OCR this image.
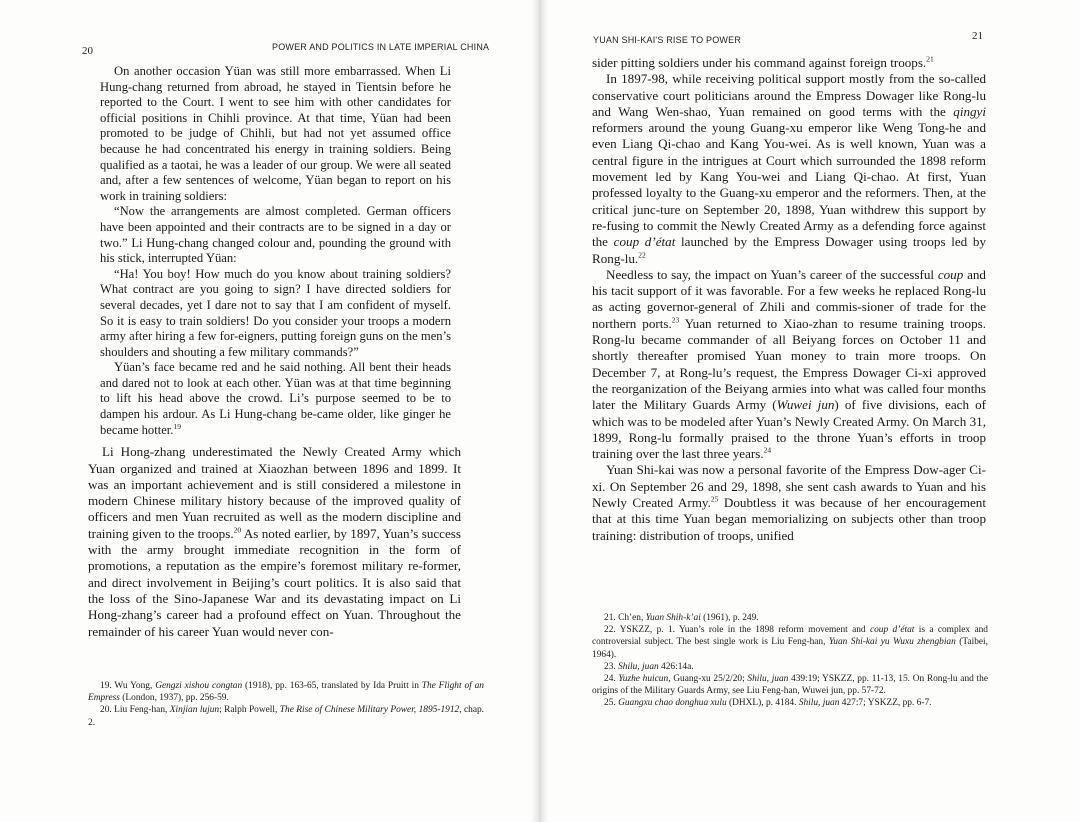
20	POWER AND POLITICS IN LATE IMPERIAL CHINA

On another occasion Yüan was still more embarrassed. When Li Hung-chang returned from abroad, he stayed in Tientsin before he reported to the Court. I went to see him with other candidates for official positions in Chihli province. At that time, Yüan had been promoted to be judge of Chihli, but had not yet assumed office because he had concentrated his energy in training soldiers. Being qualified as a taotai, he was a leader of our group. We were all seated and, after a few sentences of welcome, Yüan began to report on his work in training soldiers:

“Now the arrangements are almost completed. German officers have been appointed and their contracts are to be signed in a day or two.” Li Hung-chang changed colour and, pounding the ground with his stick, interrupted Yüan:

“Ha! You boy! How much do you know about training soldiers? What contract are you going to sign? I have directed soldiers for several decades, yet I dare not to say that I am confident of myself. So it is easy to train soldiers! Do you consider your troops a modern army after hiring a few for-eigners, putting foreign guns on the men’s shoulders and shouting a few military commands?”

Yüan’s face became red and he said nothing. All bent their heads and dared not to look at each other. Yüan was at that time beginning to lift his head above the crowd. Li’s purpose seemed to be to dampen his ardour. As Li Hung-chang be-came older, like ginger he became hotter.$^{19}$

Li Hong-zhang underestimated the Newly Created Army which Yuan organized and trained at Xiaozhan between 1896 and 1899. It was an important achievement and is still considered a milestone in modern Chinese military history because of the improved quality of officers and men Yuan recruited as well as the modern discipline and training given to the troops.$^{20}$ As noted earlier, by 1897, Yuan’s success with the army brought immediate recognition in the form of promotions, a reputation as the empire’s foremost military re-former, and direct involvement in Beijing’s court politics. It is also said that the loss of the Sino-Japanese War and its devastating impact on Li Hong-zhang’s career had a profound effect on Yuan. Throughout the remainder of his career Yuan would never con-

19. Wu Yong, Gengzi xishou congtan (1918), pp. 163-65, translated by Ida Pruitt in The Flight of an Empress (London, 1937), pp. 256-59.

20. Liu Feng-han, Xinjian lujun; Ralph Powell, The Rise of Chinese Military Power, 1895-1912, chap. 2.

YUAN SHI-KAI'S RISE TO POWER	21

sider pitting soldiers under his command against foreign troops.$^{21}$

In 1897-98, while receiving political support mostly from the so-called conservative court politicians around the Empress Dowager like Rong-lu and Wang Wen-shao, Yuan remained on good terms with the qingyi reformers around the young Guang-xu emperor like Weng Tong-he and even Liang Qi-chao and Kang You-wei. As is well known, Yuan was a central figure in the intrigues at Court which surrounded the 1898 reform movement led by Kang You-wei and Liang Qi-chao. At first, Yuan professed loyalty to the Guang-xu emperor and the reformers. Then, at the critical junc-ture on September 20, 1898, Yuan withdrew this support by re-fusing to commit the Newly Created Army as a defending force against the coup d’état launched by the Empress Dowager using troops led by Rong-lu.$^{22}$

Needless to say, the impact on Yuan’s career of the successful coup and his tacit support of it was favorable. For a few weeks he replaced Rong-lu as acting governor-general of Zhili and commis-sioner of trade for the northern ports.$^{23}$ Yuan returned to Xiao-zhan to resume training troops. Rong-lu became commander of all Beiyang forces on October 11 and shortly thereafter promised Yuan money to train more troops. On December 7, at Rong-lu’s request, the Empress Dowager Ci-xi approved the reorganization of the Beiyang armies into what was called four months later the Military Guards Army (Wuwei jun) of five divisions, each of which was to be modeled after Yuan’s Newly Created Army. On March 31, 1899, Rong-lu formally praised to the throne Yuan’s efforts in troop training over the last three years.$^{24}$

Yuan Shi-kai was now a personal favorite of the Empress Dow-ager Ci-xi. On September 26 and 29, 1898, she sent cash awards to Yuan and his Newly Created Army.$^{25}$ Doubtless it was because of her encouragement that at this time Yuan began memorializing on subjects other than troop training: distribution of troops, unified

21. Ch’en, Yuan Shih-k’ai (1961), p. 249.

22. YSKZZ, p. 1. Yuan’s role in the 1898 reform movement and coup d’état is a complex and controversial subject. The best single work is Liu Feng-han, Yuan Shi-kai yu Wuxu zhengbian (Taibei, 1964).

23. Shilu, juan 426:14a.

24. Yuzhe huicun, Guang-xu 25/2/20; Shilu, juan 439:19; YSKZZ, pp. 11-13, 15. On Rong-lu and the origins of the Military Guards Army, see Liu Feng-han, Wuwei jun, pp. 57-72.

25. Guangxu chao donghua xulu (DHXL), p. 4184. Shilu, juan 427:7; YSKZZ, pp. 6-7.
